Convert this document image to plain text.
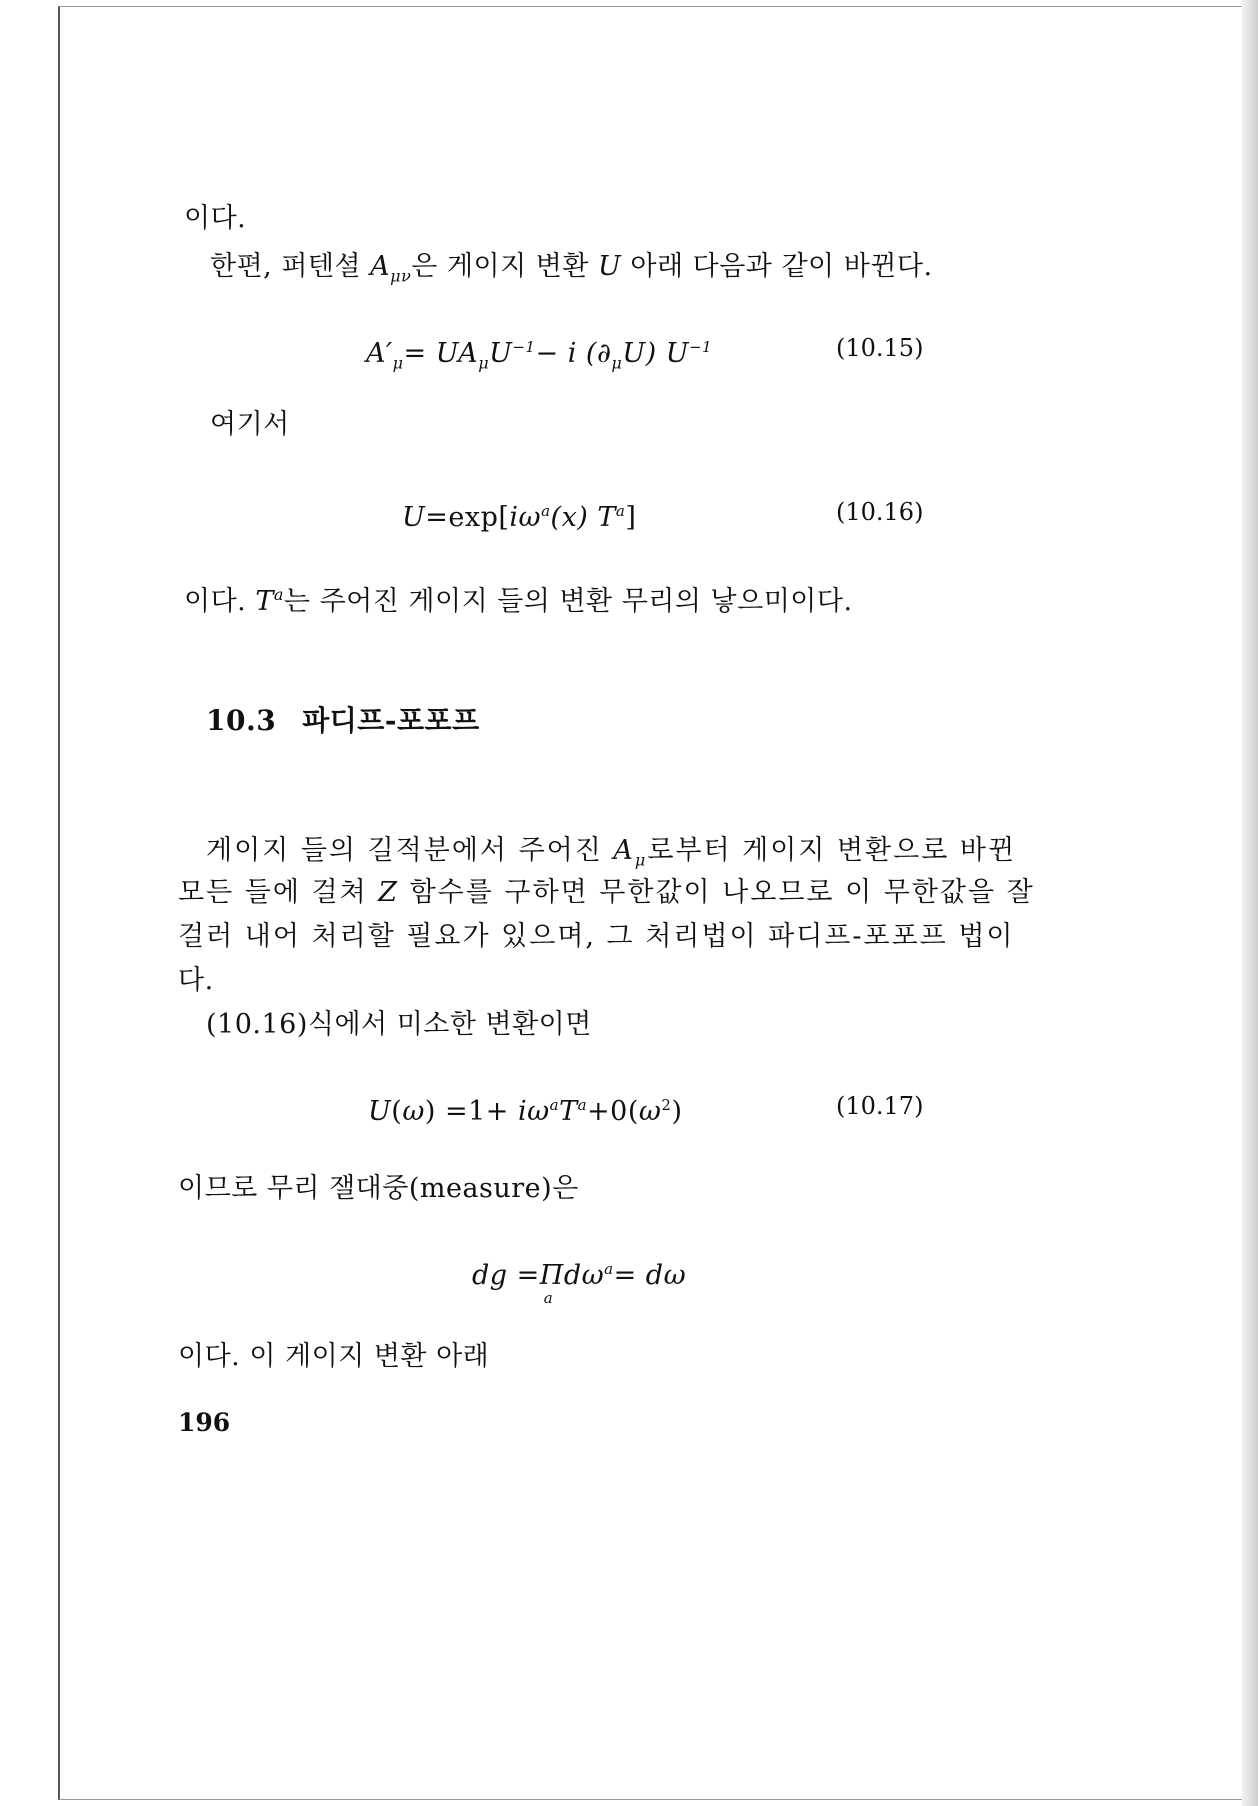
이다.
한편, 퍼텐셜 $A_{\mu\nu}$은 게이지 변환 U 아래 다음과 같이 바뀐다.
$A'_\mu= UA_\mu U^{-1}- i$ $(\partial_\mu U)$ $U^{-1}$	(10.15)
여기서
$U=\exp[i\omega^a(x)$ $T^a$]	(10.16)
이다. $T^a$는 주어진 게이지 들의 변환 무리의 낳으미이다.
10.3 파디프-포포프
게이지 들의 길적분에서 주어진 $A_\mu$로부터 게이지 변환으로 바뀐
모든 들에 걸쳐 Z 함수를 구하면 무한값이 나오므로 이 무한값을 잘
걸러 내어 처리할 필요가 있으며, 그 처리법이 파디프-포포프 법이
다.
(10.16)식에서 미소한 변환이면
$U(\omega) =1+ i\omega^aT^a+0(\omega^2)$	(10.17)
이므로 무리 잴대중(measure)은
dg =Π
a
$d\omega^a= d\omega$
이다. 이 게이지 변환 아래
196
